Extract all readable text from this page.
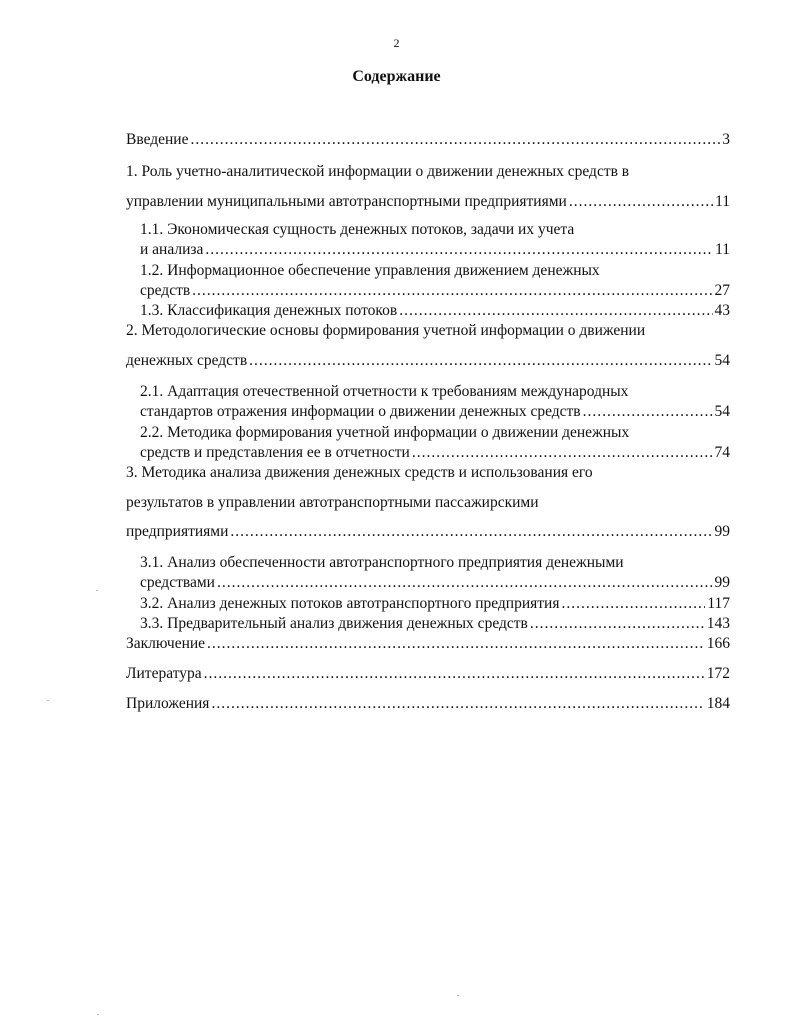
2
Содержание
Введение .....	3
1. Роль учетно-аналитической информации о движении денежных средств в
управлении муниципальными автотранспортными предприятиями .....	11
1.1. Экономическая сущность денежных потоков, задачи их учета
и анализа .....	11
1.2. Информационное обеспечение управления движением денежных
средств .....	27
1.3. Классификация денежных потоков .....	43
2. Методологические основы формирования учетной информации о движении
денежных средств .....	54
2.1. Адаптация отечественной отчетности к требованиям международных
стандартов отражения информации о движении денежных средств .....	54
2.2. Методика формирования учетной информации о движении денежных
средств и представления ее в отчетности .....	74
3. Методика анализа движения денежных средств и использования его
результатов в управлении автотранспортными пассажирскими
предприятиями .....	99
3.1. Анализ обеспеченности автотранспортного предприятия денежными
средствами .....	99
3.2. Анализ денежных потоков автотранспортного предприятия .....	117
3.3. Предварительный анализ движения денежных средств .....	143
Заключение .....	166
Литература .....	172
Приложения .....	184
